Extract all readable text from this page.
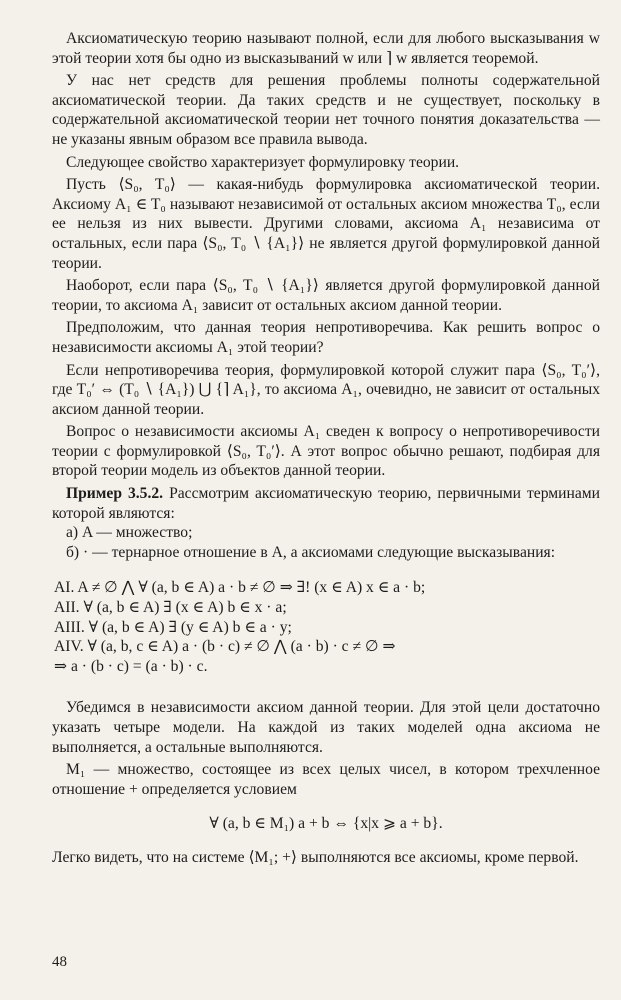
Аксиоматическую теорию называют полной, если для любого высказывания w этой теории хотя бы одно из высказываний w или ⌉ w является теоремой.

У нас нет средств для решения проблемы полноты содержательной аксиоматической теории. Да таких средств и не существует, поскольку в содержательной аксиоматической теории нет точного понятия доказательства — не указаны явным образом все правила вывода.

Следующее свойство характеризует формулировку теории.

Пусть ⟨S₀, T₀⟩ — какая-нибудь формулировка аксиоматической теории. Аксиому A₁ ∈ T₀ называют независимой от остальных аксиом множества T₀, если ее нельзя из них вывести. Другими словами, аксиома A₁ независима от остальных, если пара ⟨S₀, T₀ ∖ {A₁}⟩ не является другой формулировкой данной теории.

Наоборот, если пара ⟨S₀, T₀ ∖ {A₁}⟩ является другой формулировкой данной теории, то аксиома A₁ зависит от остальных аксиом данной теории.

Предположим, что данная теория непротиворечива. Как решить вопрос о независимости аксиомы A₁ этой теории?

Если непротиворечива теория, формулировкой которой служит пара ⟨S₀, T₀′⟩, где T₀′ ⇔ (T₀ ∖ {A₁}) ⋃ {⌉ A₁}, то аксиома A₁, очевидно, не зависит от остальных аксиом данной теории.

Вопрос о независимости аксиомы A₁ сведен к вопросу о непротиворечивости теории с формулировкой ⟨S₀, T₀′⟩. А этот вопрос обычно решают, подбирая для второй теории модель из объектов данной теории.

Пример 3.5.2. Рассмотрим аксиоматическую теорию, первичными терминами которой являются:

а) A — множество;

б) · — тернарное отношение в A, а аксиомами следующие высказывания:

AI. A ≠ ∅ ⋀ ∀ (a, b ∈ A) a · b ≠ ∅ ⇒ ∃! (x ∈ A) x ∈ a · b;
AII. ∀ (a, b ∈ A) ∃ (x ∈ A) b ∈ x · a;
AIII. ∀ (a, b ∈ A) ∃ (y ∈ A) b ∈ a · y;
AIV. ∀ (a, b, c ∈ A) a · (b · c) ≠ ∅ ⋀ (a · b) · c ≠ ∅ ⇒
⇒ a · (b · c) = (a · b) · c.

Убедимся в независимости аксиом данной теории. Для этой цели достаточно указать четыре модели. На каждой из таких моделей одна аксиома не выполняется, а остальные выполняются.

M₁ — множество, состоящее из всех целых чисел, в котором трехчленное отношение + определяется условием

∀ (a, b ∈ M₁) a + b ⇔ {x|x ⩾ a + b}.

Легко видеть, что на системе ⟨M₁; +⟩ выполняются все аксиомы, кроме первой.

48
